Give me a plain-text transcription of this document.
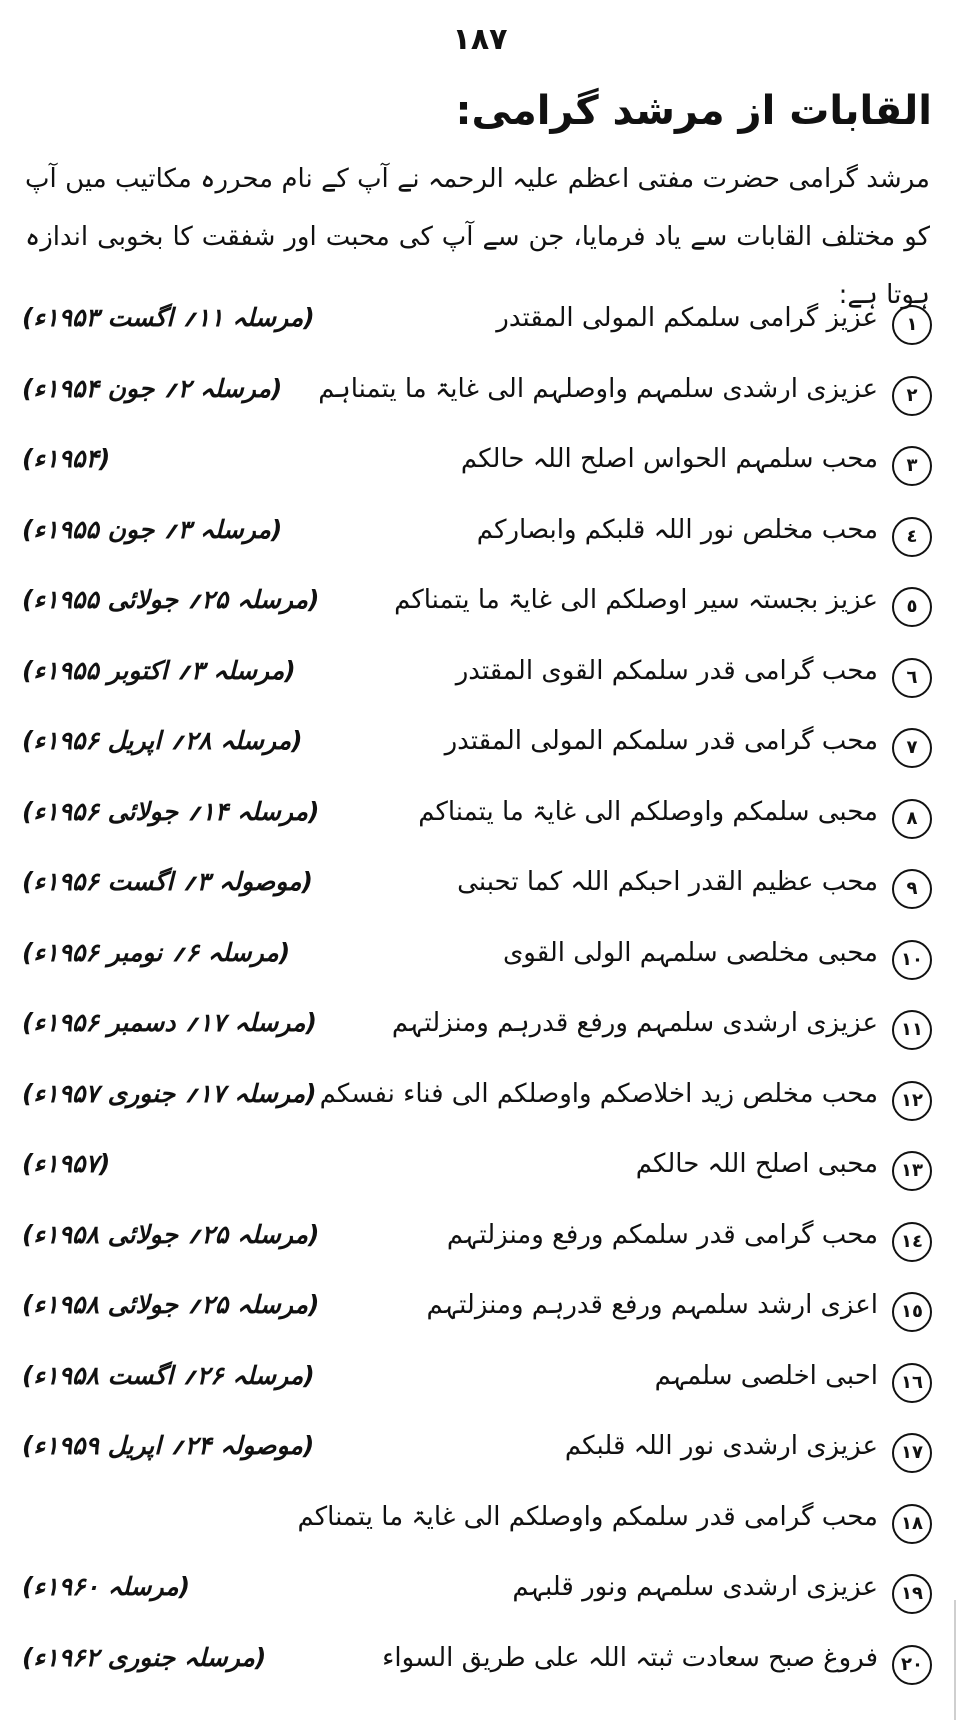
١٨٧
القابات از مرشد گرامی:
مرشد گرامی حضرت مفتی اعظم علیہ الرحمہ نے آپ کے نام محررہ مکاتیب میں آپ کو مختلف القابات سے یاد فرمایا، جن سے آپ کی محبت اور شفقت کا بخوبی اندازہ ہوتا ہے:
١
عزیز گرامی سلمکم المولی المقتدر
(مرسلہ ۱۱؍ اگست ۱۹۵۳ء)
٢
عزیزی ارشدی سلمہم واوصلہم الی غایۃ ما یتمناہم
(مرسلہ ۲؍ جون ۱۹۵۴ء)
٣
محب سلمہم الحواس اصلح اللہ حالکم
(۱۹۵۴ء)
٤
محب مخلص نور اللہ قلبکم وابصارکم
(مرسلہ ۳؍ جون ۱۹۵۵ء)
٥
عزیز بجستہ سیر اوصلکم الی غایۃ ما یتمناکم
(مرسلہ ۲۵؍ جولائی ۱۹۵۵ء)
٦
محب گرامی قدر سلمکم القوی المقتدر
(مرسلہ ۳؍ اکتوبر ۱۹۵۵ء)
٧
محب گرامی قدر سلمکم المولی المقتدر
(مرسلہ ۲۸؍ اپریل ۱۹۵۶ء)
٨
محبی سلمکم واوصلکم الی غایۃ ما یتمناکم
(مرسلہ ۱۴؍ جولائی ۱۹۵۶ء)
٩
محب عظیم القدر احبکم اللہ کما تحبنی
(موصولہ ۳؍ اگست ۱۹۵۶ء)
١٠
محبی مخلصی سلمہم الولی القوی
(مرسلہ ۶؍ نومبر ۱۹۵۶ء)
١١
عزیزی ارشدی سلمہم ورفع قدرہم ومنزلتہم
(مرسلہ ۱۷؍ دسمبر ۱۹۵۶ء)
١٢
محب مخلص زید اخلاصکم واوصلکم الی فناء نفسکم
(مرسلہ ۱۷؍ جنوری ۱۹۵۷ء)
١٣
محبی اصلح اللہ حالکم
(۱۹۵۷ء)
١٤
محب گرامی قدر سلمکم ورفع ومنزلتہم
(مرسلہ ۲۵؍ جولائی ۱۹۵۸ء)
١٥
اعزی ارشد سلمہم ورفع قدرہم ومنزلتہم
(مرسلہ ۲۵؍ جولائی ۱۹۵۸ء)
١٦
احبی اخلصی سلمہم
(مرسلہ ۲۶؍ اگست ۱۹۵۸ء)
١٧
عزیزی ارشدی نور اللہ قلبکم
(موصولہ ۲۴؍ اپریل ۱۹۵۹ء)
١٨
محب گرامی قدر سلمکم واوصلکم الی غایۃ ما یتمناکم
١٩
عزیزی ارشدی سلمہم ونور قلبہم
(مرسلہ ۱۹۶۰ء)
٢٠
فروغ صبح سعادت ثبتہ اللہ علی طریق السواء
(مرسلہ جنوری ۱۹۶۲ء)
